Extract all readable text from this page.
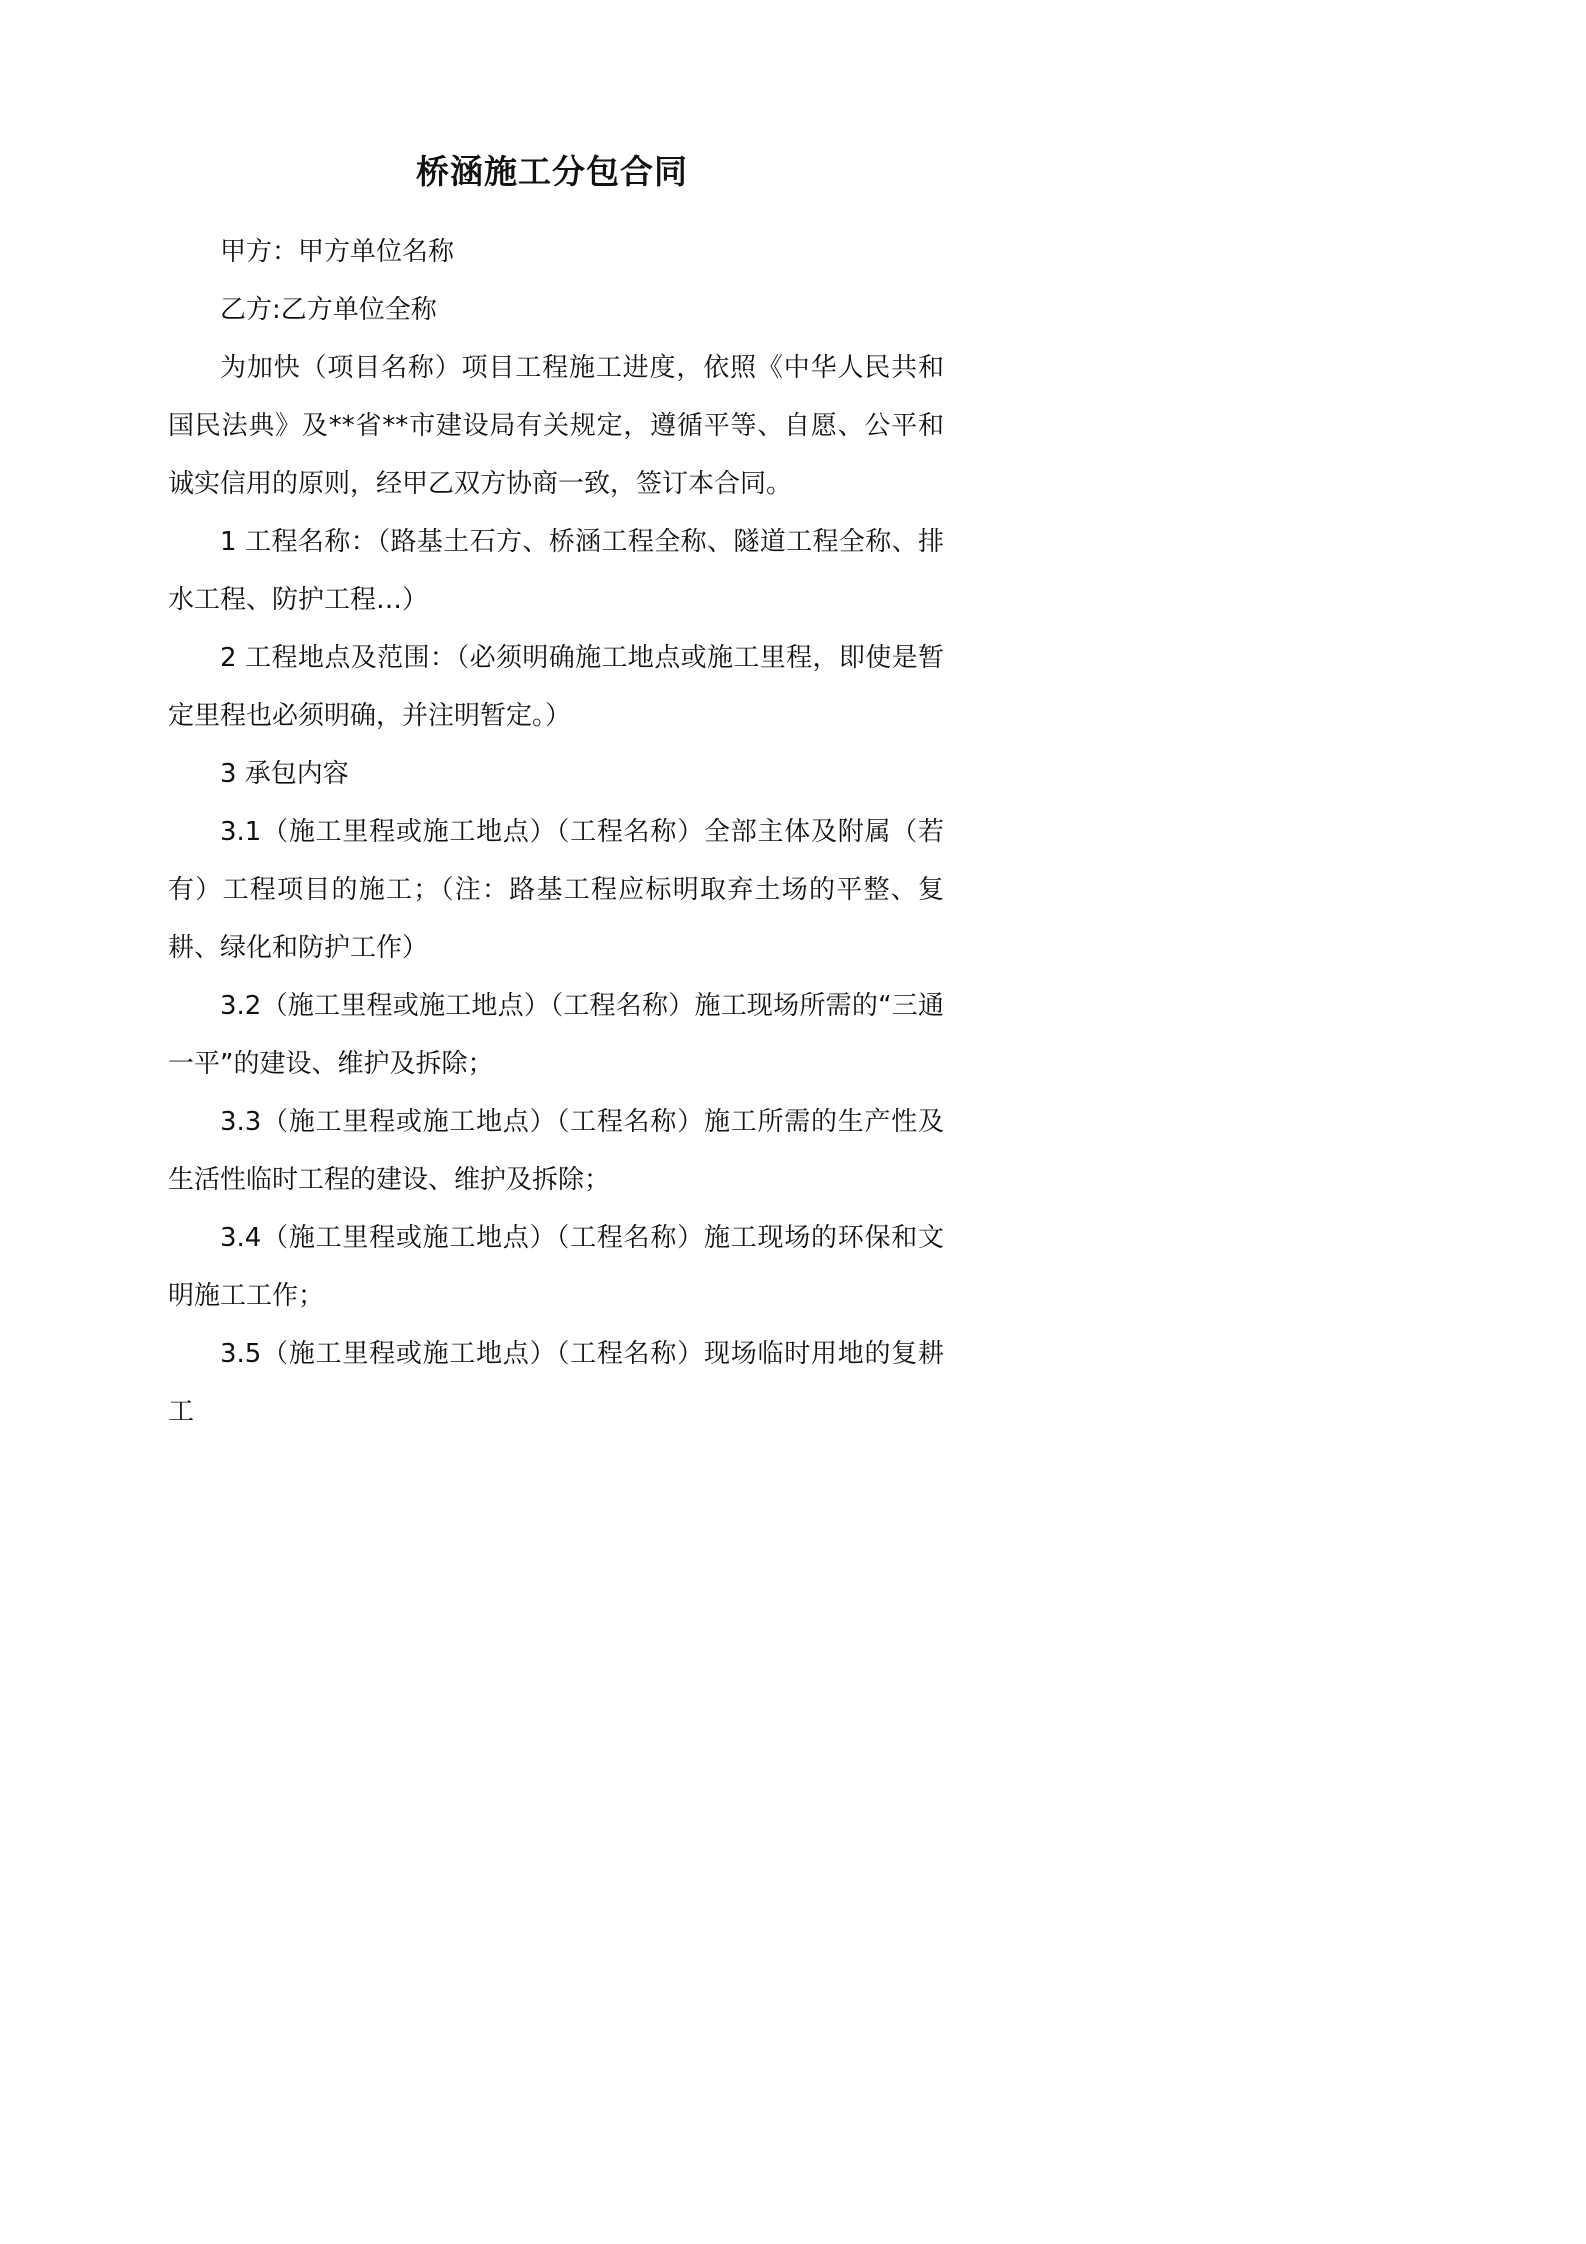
桥涵施工分包合同

甲方：甲方单位名称

乙方:乙方单位全称

为加快（项目名称）项目工程施工进度，依照《中华人民共和国民法典》及**省**市建设局有关规定，遵循平等、自愿、公平和诚实信用的原则，经甲乙双方协商一致，签订本合同。

1 工程名称：（路基土石方、桥涵工程全称、隧道工程全称、排水工程、防护工程…）

2 工程地点及范围：（必须明确施工地点或施工里程，即使是暂定里程也必须明确，并注明暂定。）

3 承包内容

3.1（施工里程或施工地点）（工程名称）全部主体及附属（若有）工程项目的施工；（注：路基工程应标明取弃土场的平整、复耕、绿化和防护工作）

3.2（施工里程或施工地点）（工程名称）施工现场所需的“三通一平”的建设、维护及拆除；

3.3（施工里程或施工地点）（工程名称）施工所需的生产性及生活性临时工程的建设、维护及拆除；

3.4（施工里程或施工地点）（工程名称）施工现场的环保和文明施工工作；

3.5（施工里程或施工地点）（工程名称）现场临时用地的复耕工
